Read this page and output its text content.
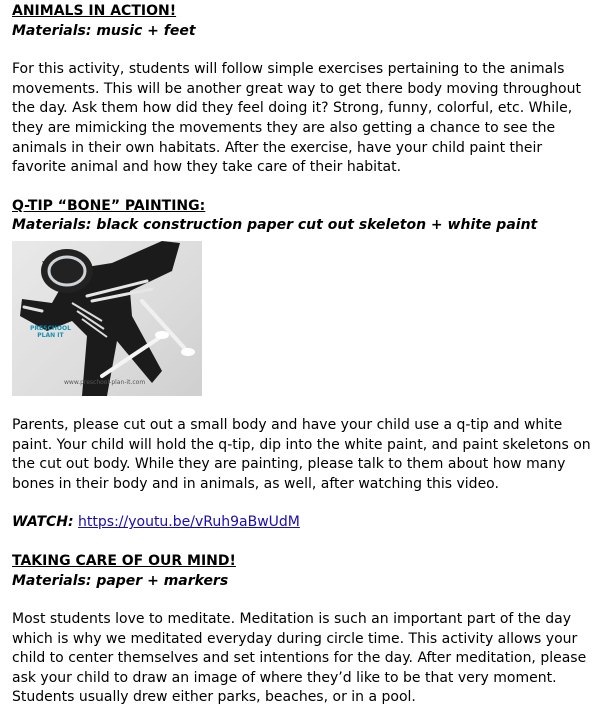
ANIMALS IN ACTION!

Materials: music + feet

For this activity, students will follow simple exercises pertaining to the animals movements. This will be another great way to get there body moving throughout the day. Ask them how did they feel doing it? Strong, funny, colorful, etc. While, they are mimicking the movements they are also getting a chance to see the animals in their own habitats. After the exercise, have your child paint their favorite animal and how they take care of their habitat.

Q-TIP “BONE” PAINTING:

Materials: black construction paper cut out skeleton + white paint

PRESCHOOL
PLAN IT
www.preschool-plan-it.com

Parents, please cut out a small body and have your child use a q-tip and white paint. Your child will hold the q-tip, dip into the white paint, and paint skeletons on the cut out body. While they are painting, please talk to them about how many bones in their body and in animals, as well, after watching this video.

WATCH: https://youtu.be/vRuh9aBwUdM

TAKING CARE OF OUR MIND!

Materials: paper + markers

Most students love to meditate. Meditation is such an important part of the day which is why we meditated everyday during circle time. This activity allows your child to center themselves and set intentions for the day. After meditation, please ask your child to draw an image of where they’d like to be that very moment. Students usually drew either parks, beaches, or in a pool.
